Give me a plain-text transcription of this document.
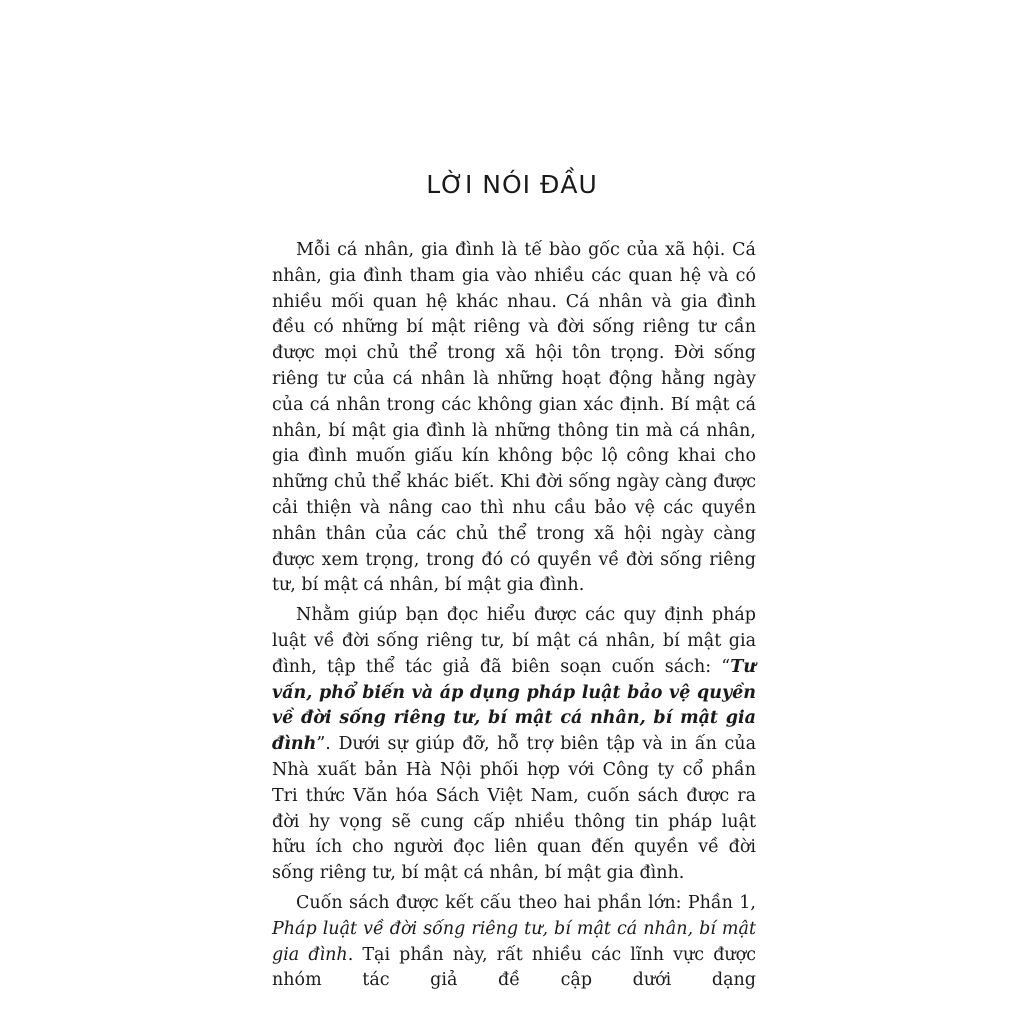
LỜI NÓI ĐẦU

Mỗi cá nhân, gia đình là tế bào gốc của xã hội. Cá nhân, gia đình tham gia vào nhiều các quan hệ và có nhiều mối quan hệ khác nhau. Cá nhân và gia đình đều có những bí mật riêng và đời sống riêng tư cần được mọi chủ thể trong xã hội tôn trọng. Đời sống riêng tư của cá nhân là những hoạt động hằng ngày của cá nhân trong các không gian xác định. Bí mật cá nhân, bí mật gia đình là những thông tin mà cá nhân, gia đình muốn giấu kín không bộc lộ công khai cho những chủ thể khác biết. Khi đời sống ngày càng được cải thiện và nâng cao thì nhu cầu bảo vệ các quyền nhân thân của các chủ thể trong xã hội ngày càng được xem trọng, trong đó có quyền về đời sống riêng tư, bí mật cá nhân, bí mật gia đình.

Nhằm giúp bạn đọc hiểu được các quy định pháp luật về đời sống riêng tư, bí mật cá nhân, bí mật gia đình, tập thể tác giả đã biên soạn cuốn sách: “Tư vấn, phổ biến và áp dụng pháp luật bảo vệ quyền về đời sống riêng tư, bí mật cá nhân, bí mật gia đình”. Dưới sự giúp đỡ, hỗ trợ biên tập và in ấn của Nhà xuất bản Hà Nội phối hợp với Công ty cổ phần Tri thức Văn hóa Sách Việt Nam, cuốn sách được ra đời hy vọng sẽ cung cấp nhiều thông tin pháp luật hữu ích cho người đọc liên quan đến quyền về đời sống riêng tư, bí mật cá nhân, bí mật gia đình.

Cuốn sách được kết cấu theo hai phần lớn: Phần 1, Pháp luật về đời sống riêng tư, bí mật cá nhân, bí mật gia đình. Tại phần này, rất nhiều các lĩnh vực được nhóm tác giả đề cập dưới dạng
